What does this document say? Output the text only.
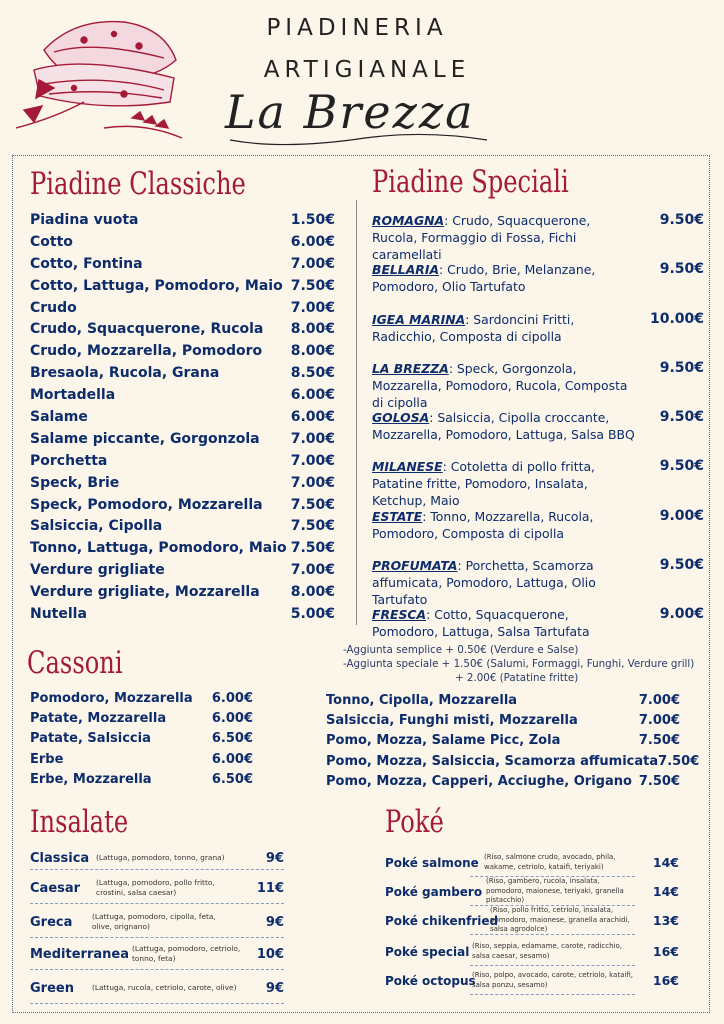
PIADINERIA
ARTIGIANALE
La Brezza
Piadine Classiche
Piadina vuota	1.50€
Cotto	6.00€
Cotto, Fontina	7.00€
Cotto, Lattuga, Pomodoro, Maio 7.50€
Crudo	7.00€
Crudo, Squacquerone, Rucola 8.00€
Crudo, Mozzarella, Pomodoro 8.00€
Bresaola, Rucola, Grana	8.50€
Mortadella	6.00€
Salame	6.00€
Salame piccante, Gorgonzola 7.00€
Porchetta	7.00€
Speck, Brie	7.00€
Speck, Pomodoro, Mozzarella 7.50€
Salsiccia, Cipolla	7.50€
Tonno, Lattuga, Pomodoro, Maio 7.50€
Verdure grigliate	7.00€
Verdure grigliate, Mozzarella 8.00€
Nutella	5.00€
Piadine Speciali
ROMAGNA: Crudo, Squacquerone, Rucola, Formaggio di Fossa, Fichi caramellati
9.50€
BELLARIA: Crudo, Brie, Melanzane, Pomodoro, Olio Tartufato
9.50€
IGEA MARINA: Sardoncini Fritti, Radicchio, Composta di cipolla
10.00€
LA BREZZA: Speck, Gorgonzola, Mozzarella, Pomodoro, Rucola, Composta di cipolla
9.50€
GOLOSA: Salsiccia, Cipolla croccante, Mozzarella, Pomodoro, Lattuga, Salsa BBQ
9.50€
MILANESE: Cotoletta di pollo fritta, Patatine fritte, Pomodoro, Insalata, Ketchup, Maio
9.50€
ESTATE: Tonno, Mozzarella, Rucola, Pomodoro, Composta di cipolla
9.00€
PROFUMATA: Porchetta, Scamorza affumicata, Pomodoro, Lattuga, Olio Tartufato
9.50€
FRESCA: Cotto, Squacquerone, Pomodoro, Lattuga, Salsa Tartufata
9.00€
-Aggiunta semplice + 0.50€ (Verdure e Salse)
-Aggiunta speciale + 1.50€ (Salumi, Formaggi, Funghi, Verdure grill)
+ 2.00€ (Patatine fritte)
Cassoni
Pomodoro, Mozzarella 6.00€
Patate, Mozzarella	6.00€
Patate, Salsiccia	6.50€
Erbe	6.00€
Erbe, Mozzarella	6.50€
Tonno, Cipolla, Mozzarella	7.00€
Salsiccia, Funghi misti, Mozzarella	7.00€
Pomo, Mozza, Salame Picc, Zola	7.50€
Pomo, Mozza, Salsiccia, Scamorza affumicata 7.50€
Pomo, Mozza, Capperi, Acciughe, Origano 7.50€
Insalate
Classica (Lattuga, pomodoro, tonno, grana)	9€
Caesar (Lattuga, pomodoro, pollo fritto, crostini, salsa caesar)	11€
Greca	(Lattuga, pomodoro, cipolla, feta, olive, orignano)	9€
Mediterranea (Lattuga, pomodoro, cetriolo, tonno, feta)	10€
Green (Lattuga, rucola, cetriolo, carote, olive)	9€
Poké
Poké salmone (Riso, salmone crudo, avocado, phila, wakame, cetriolo, kataifi, teriyaki)	14€
Poké gambero
(Riso, gambero, rucola, insalata, pomodoro, maionese, teriyaki, granella pistacchio)
14€
Poké chikenfried
(Riso, pollo fritto, cetriolo, insalata, pomodoro, maionese, granella arachidi, salsa agrodolce)
13€
Poké special (Riso, seppia, edamame, carote, radicchio, salsa caesar, sesamo)	16€
Poké octopus
(Riso, polpo, avocado, carote, cetriolo, kataifi, salsa ponzu, sesamo)	16€
